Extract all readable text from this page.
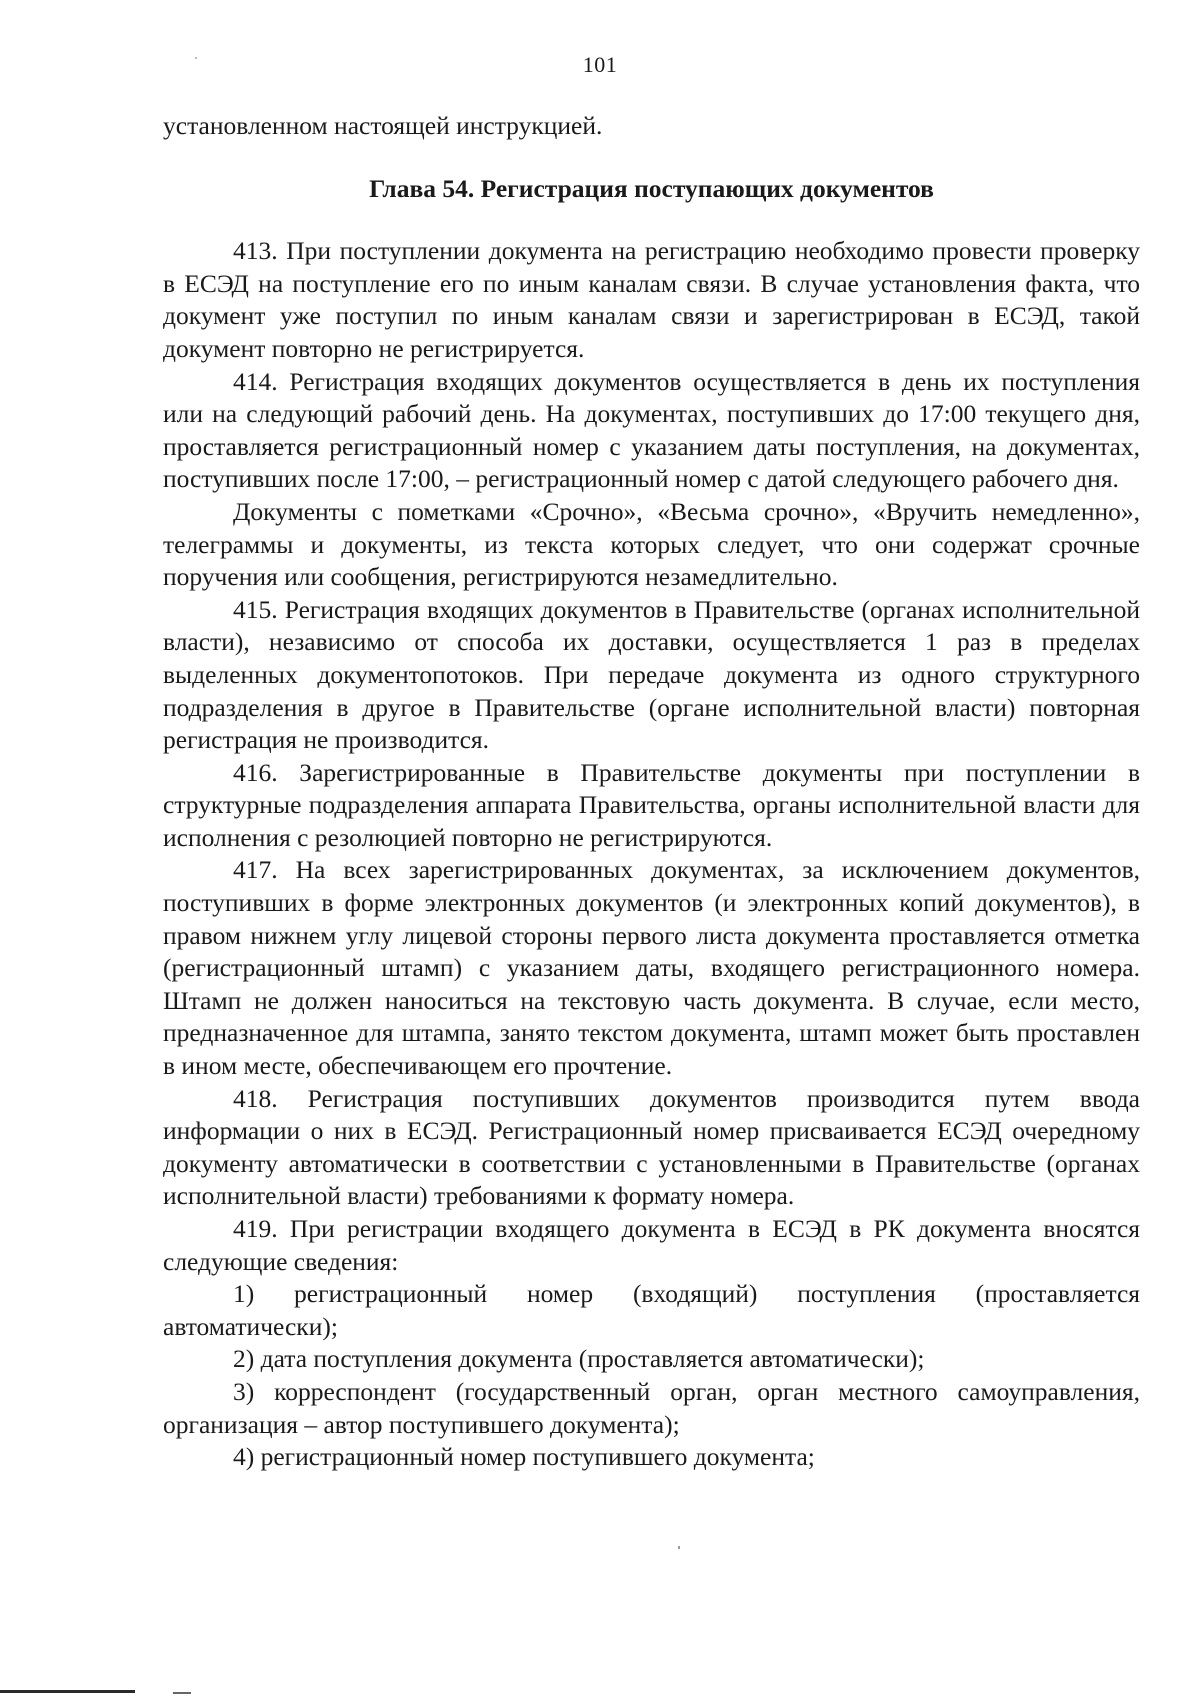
101

установленном настоящей инструкцией.

Глава 54. Регистрация поступающих документов

413. При поступлении документа на регистрацию необходимо провести проверку в ЕСЭД на поступление его по иным каналам связи. В случае установления факта, что документ уже поступил по иным каналам связи и зарегистрирован в ЕСЭД, такой документ повторно не регистрируется.

414. Регистрация входящих документов осуществляется в день их поступления или на следующий рабочий день. На документах, поступивших до 17:00 текущего дня, проставляется регистрационный номер с указанием даты поступления, на документах, поступивших после 17:00, – регистрационный номер с датой следующего рабочего дня.

Документы с пометками «Срочно», «Весьма срочно», «Вручить немедленно», телеграммы и документы, из текста которых следует, что они содержат срочные поручения или сообщения, регистрируются незамедлительно.

415. Регистрация входящих документов в Правительстве (органах исполнительной власти), независимо от способа их доставки, осуществляется 1 раз в пределах выделенных документопотоков. При передаче документа из одного структурного подразделения в другое в Правительстве (органе исполнительной власти) повторная регистрация не производится.

416. Зарегистрированные в Правительстве документы при поступлении в структурные подразделения аппарата Правительства, органы исполнительной власти для исполнения с резолюцией повторно не регистрируются.

417. На всех зарегистрированных документах, за исключением документов, поступивших в форме электронных документов (и электронных копий документов), в правом нижнем углу лицевой стороны первого листа документа проставляется отметка (регистрационный штамп) с указанием даты, входящего регистрационного номера. Штамп не должен наноситься на текстовую часть документа. В случае, если место, предназначенное для штампа, занято текстом документа, штамп может быть проставлен в ином месте, обеспечивающем его прочтение.

418. Регистрация поступивших документов производится путем ввода информации о них в ЕСЭД. Регистрационный номер присваивается ЕСЭД очередному документу автоматически в соответствии с установленными в Правительстве (органах исполнительной власти) требованиями к формату номера.

419. При регистрации входящего документа в ЕСЭД в РК документа вносятся следующие сведения:

1) регистрационный номер (входящий) поступления (проставляется автоматически);

2) дата поступления документа (проставляется автоматически);

3) корреспондент (государственный орган, орган местного самоуправления, организация – автор поступившего документа);

4) регистрационный номер поступившего документа;
